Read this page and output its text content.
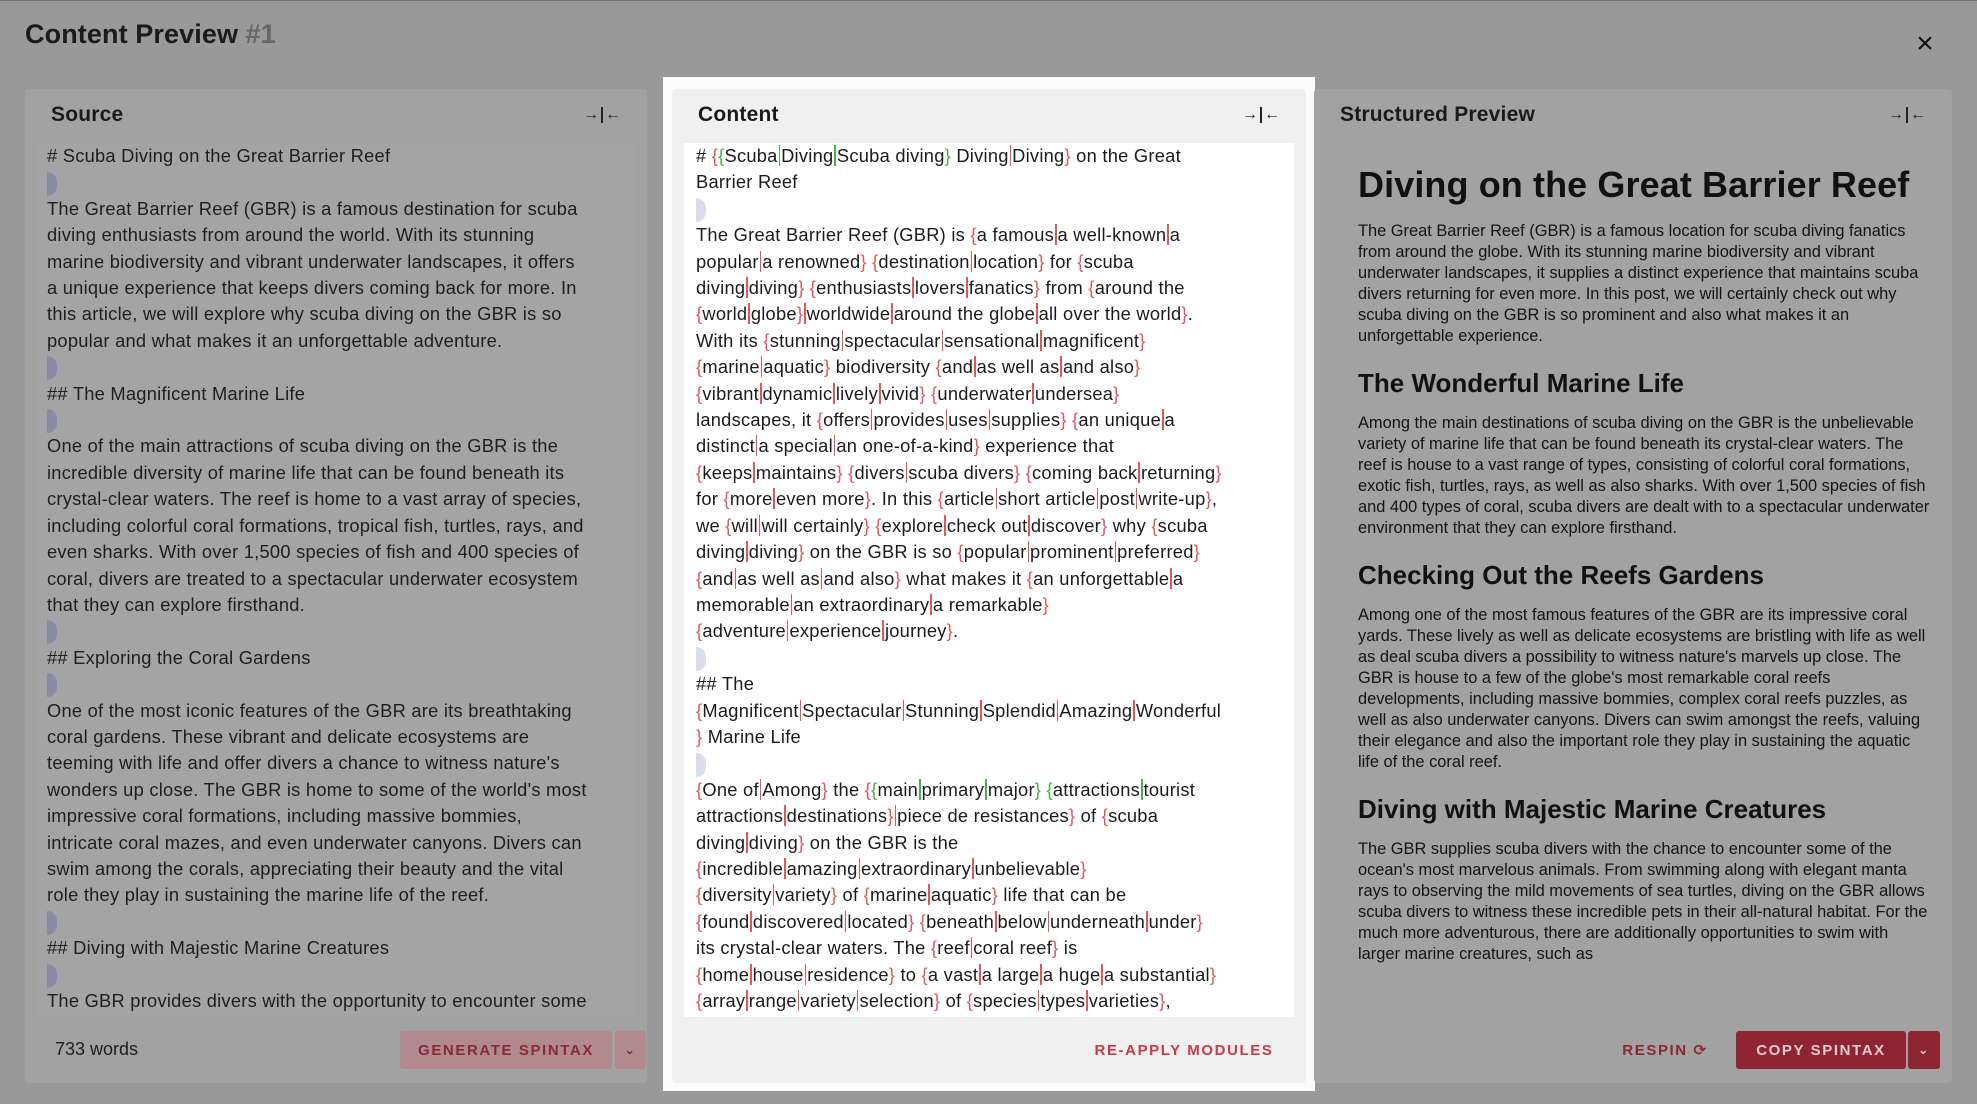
Content Preview #1	×
Source	→ ←
# Scuba Diving on the Great Barrier Reef
The Great Barrier Reef (GBR) is a famous destination for scuba
diving enthusiasts from around the world. With its stunning
marine biodiversity and vibrant underwater landscapes, it offers
a unique experience that keeps divers coming back for more. In
this article, we will explore why scuba diving on the GBR is so
popular and what makes it an unforgettable adventure.
## The Magnificent Marine Life
One of the main attractions of scuba diving on the GBR is the
incredible diversity of marine life that can be found beneath its
crystal-clear waters. The reef is home to a vast array of species,
including colorful coral formations, tropical fish, turtles, rays, and
even sharks. With over 1,500 species of fish and 400 species of
coral, divers are treated to a spectacular underwater ecosystem
that they can explore firsthand.
## Exploring the Coral Gardens
One of the most iconic features of the GBR are its breathtaking
coral gardens. These vibrant and delicate ecosystems are
teeming with life and offer divers a chance to witness nature's
wonders up close. The GBR is home to some of the world's most
impressive coral formations, including massive bommies,
intricate coral mazes, and even underwater canyons. Divers can
swim among the corals, appreciating their beauty and the vital
role they play in sustaining the marine life of the reef.
## Diving with Majestic Marine Creatures
The GBR provides divers with the opportunity to encounter some
733 words	GENERATE SPINTAX	⌄
Content	→ ←
# {{Scuba Diving Scuba diving} Diving Diving} on the Great
Barrier Reef
The Great Barrier Reef (GBR) is {a famous a well-known a
popular a renowned} {destination location} for {scuba
diving diving} {enthusiasts lovers fanatics} from {around the
{world globe} worldwide around the globe all over the world}.
With its {stunning spectacular sensational magnificent}
{marine aquatic} biodiversity {and as well as and also}
{vibrant dynamic lively vivid} {underwater undersea}
landscapes, it {offers provides uses supplies} {an unique a
distinct a special an one-of-a-kind} experience that
{keeps maintains} {divers scuba divers} {coming back returning}
for {more even more}. In this {article short article post write-up},
we {will will certainly} {explore check out discover} why {scuba
diving diving} on the GBR is so {popular prominent preferred}
{and as well as and also} what makes it {an unforgettable a
memorable an extraordinary a remarkable}
{adventure experience journey}.
## The
{Magnificent Spectacular Stunning Splendid Amazing Wonderful
} Marine Life
{One of Among} the {{main primary major} {attractions tourist
attractions destinations} piece de resistances} of {scuba
diving diving} on the GBR is the
{incredible amazing extraordinary unbelievable}
{diversity variety} of {marine aquatic} life that can be
{found discovered located} {beneath below underneath under}
its crystal-clear waters. The {reef coral reef} is
{home house residence} to {a vast a large a huge a substantial}
{array range variety selection} of {species types varieties},
RE-APPLY MODULES
Structured Preview	→ ←
Diving on the Great Barrier Reef

The Great Barrier Reef (GBR) is a famous location for scuba diving fanatics from around the globe. With its stunning marine biodiversity and vibrant underwater landscapes, it supplies a distinct experience that maintains scuba divers returning for even more. In this post, we will certainly check out why scuba diving on the GBR is so prominent and also what makes it an unforgettable experience.

The Wonderful Marine Life

Among the main destinations of scuba diving on the GBR is the unbelievable variety of marine life that can be found beneath its crystal-clear waters. The reef is house to a vast range of types, consisting of colorful coral formations, exotic fish, turtles, rays, as well as also sharks. With over 1,500 species of fish and 400 types of coral, scuba divers are dealt with to a spectacular underwater environment that they can explore firsthand.

Checking Out the Reefs Gardens

Among one of the most famous features of the GBR are its impressive coral yards. These lively as well as delicate ecosystems are bristling with life as well as deal scuba divers a possibility to witness nature's marvels up close. The GBR is house to a few of the globe's most remarkable coral reefs developments, including massive bommies, complex coral reefs puzzles, as well as also underwater canyons. Divers can swim amongst the reefs, valuing their elegance and also the important role they play in sustaining the aquatic life of the coral reef.

Diving with Majestic Marine Creatures

The GBR supplies scuba divers with the chance to encounter some of the ocean's most marvelous animals. From swimming along with elegant manta rays to observing the mild movements of sea turtles, diving on the GBR allows scuba divers to witness these incredible pets in their all-natural habitat. For the much more adventurous, there are additionally opportunities to swim with larger marine creatures, such as

RESPIN
⟳	COPY SPINTAX	⌄
